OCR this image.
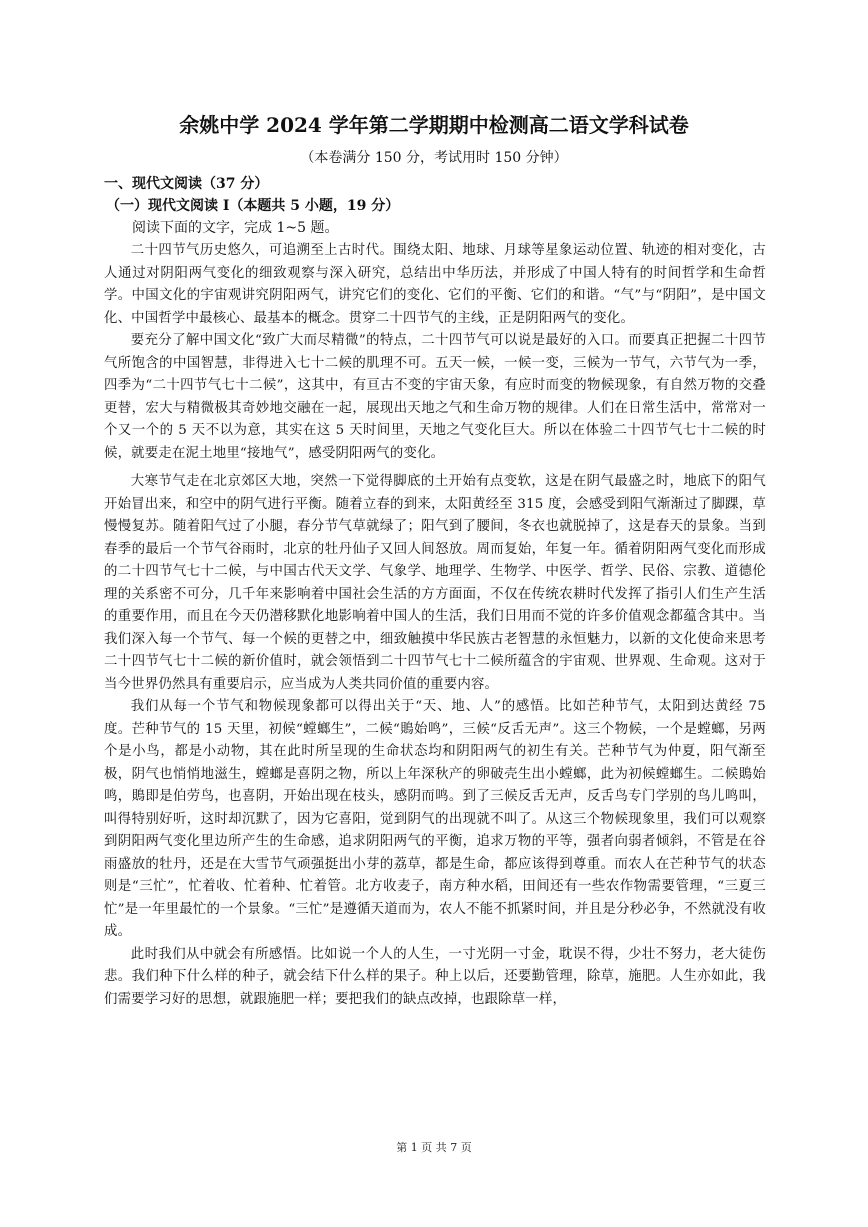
余姚中学 2024 学年第二学期期中检测高二语文学科试卷
（本卷满分 150 分，考试用时 150 分钟）
一、现代文阅读（37 分）
（一）现代文阅读 I（本题共 5 小题，19 分）
阅读下面的文字，完成 1~5 题。

二十四节气历史悠久，可追溯至上古时代。围绕太阳、地球、月球等星象运动位置、轨迹的相对变化，古人通过对阴阳两气变化的细致观察与深入研究，总结出中华历法，并形成了中国人特有的时间哲学和生命哲学。中国文化的宇宙观讲究阴阳两气，讲究它们的变化、它们的平衡、它们的和谐。“气”与“阴阳”，是中国文化、中国哲学中最核心、最基本的概念。贯穿二十四节气的主线，正是阴阳两气的变化。

要充分了解中国文化“致广大而尽精微”的特点，二十四节气可以说是最好的入口。而要真正把握二十四节气所饱含的中国智慧，非得进入七十二候的肌理不可。五天一候，一候一变，三候为一节气，六节气为一季，四季为“二十四节气七十二候”，这其中，有亘古不变的宇宙天象，有应时而变的物候现象，有自然万物的交叠更替，宏大与精微极其奇妙地交融在一起，展现出天地之气和生命万物的规律。人们在日常生活中，常常对一个又一个的 5 天不以为意，其实在这 5 天时间里，天地之气变化巨大。所以在体验二十四节气七十二候的时候，就要走在泥土地里“接地气”，感受阴阳两气的变化。

大寒节气走在北京郊区大地，突然一下觉得脚底的土开始有点变软，这是在阴气最盛之时，地底下的阳气开始冒出来，和空中的阴气进行平衡。随着立春的到来，太阳黄经至 315 度，会感受到阳气渐渐过了脚踝，草慢慢复苏。随着阳气过了小腿，春分节气草就绿了；阳气到了腰间，冬衣也就脱掉了，这是春天的景象。当到春季的最后一个节气谷雨时，北京的牡丹仙子又回人间怒放。周而复始，年复一年。循着阴阳两气变化而形成的二十四节气七十二候，与中国古代天文学、气象学、地理学、生物学、中医学、哲学、民俗、宗教、道德伦理的关系密不可分，几千年来影响着中国社会生活的方方面面，不仅在传统农耕时代发挥了指引人们生产生活的重要作用，而且在今天仍潜移默化地影响着中国人的生活，我们日用而不觉的许多价值观念都蕴含其中。当我们深入每一个节气、每一个候的更替之中，细致触摸中华民族古老智慧的永恒魅力，以新的文化使命来思考二十四节气七十二候的新价值时，就会领悟到二十四节气七十二候所蕴含的宇宙观、世界观、生命观。这对于当今世界仍然具有重要启示，应当成为人类共同价值的重要内容。

我们从每一个节气和物候现象都可以得出关于“天、地、人”的感悟。比如芒种节气，太阳到达黄经 75 度。芒种节气的 15 天里，初候“螳螂生”，二候“鵙始鸣”，三候“反舌无声”。这三个物候，一个是螳螂，另两个是小鸟，都是小动物，其在此时所呈现的生命状态均和阴阳两气的初生有关。芒种节气为仲夏，阳气渐至极，阴气也悄悄地滋生，螳螂是喜阴之物，所以上年深秋产的卵破壳生出小螳螂，此为初候螳螂生。二候鵙始鸣，鵙即是伯劳鸟，也喜阴，开始出现在枝头，感阴而鸣。到了三候反舌无声，反舌鸟专门学别的鸟儿鸣叫，叫得特别好听，这时却沉默了，因为它喜阳，觉到阴气的出现就不叫了。从这三个物候现象里，我们可以观察到阴阳两气变化里边所产生的生命感，追求阴阳两气的平衡，追求万物的平等，强者向弱者倾斜，不管是在谷雨盛放的牡丹，还是在大雪节气顽强挺出小芽的荔草，都是生命，都应该得到尊重。而农人在芒种节气的状态则是“三忙”，忙着收、忙着种、忙着管。北方收麦子，南方种水稻，田间还有一些农作物需要管理，“三夏三忙”是一年里最忙的一个景象。“三忙”是遵循天道而为，农人不能不抓紧时间，并且是分秒必争，不然就没有收成。

此时我们从中就会有所感悟。比如说一个人的人生，一寸光阴一寸金，耽误不得，少壮不努力，老大徒伤悲。我们种下什么样的种子，就会结下什么样的果子。种上以后，还要勤管理，除草，施肥。人生亦如此，我们需要学习好的思想，就跟施肥一样；要把我们的缺点改掉，也跟除草一样，

第 1 页 共 7 页
